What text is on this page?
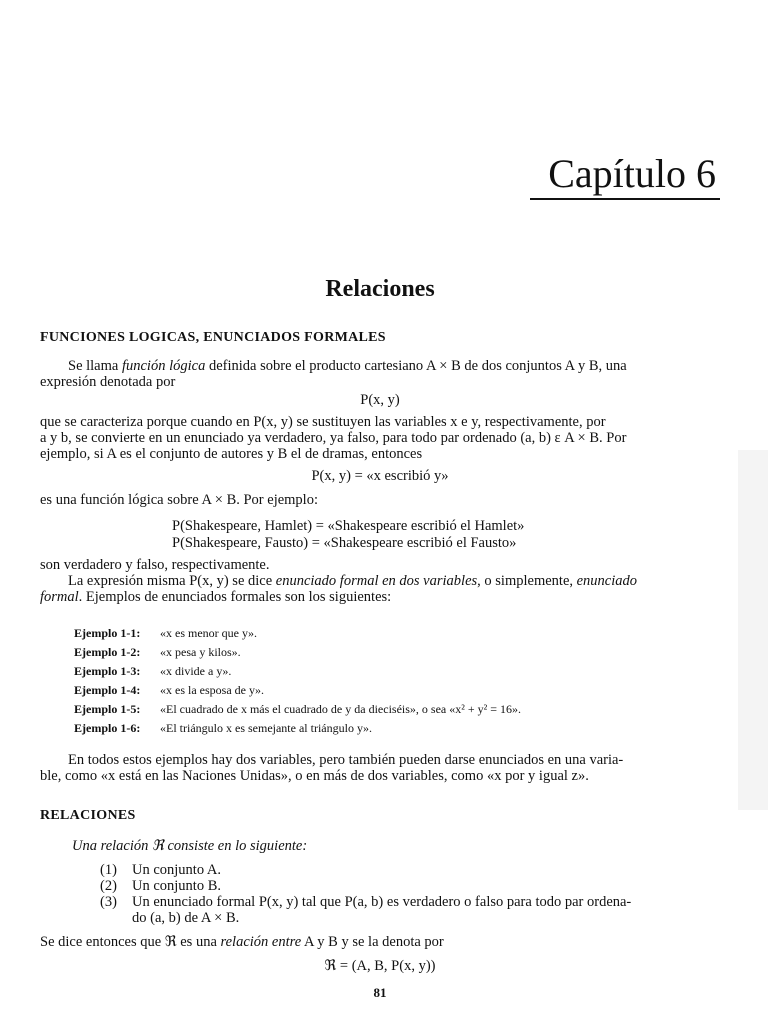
Capítulo 6
Relaciones
FUNCIONES LOGICAS, ENUNCIADOS FORMALES
Se llama función lógica definida sobre el producto cartesiano A × B de dos conjuntos A y B, una
expresión denotada por
P(x, y)
que se caracteriza porque cuando en P(x, y) se sustituyen las variables x e y, respectivamente, por
a y b, se convierte en un enunciado ya verdadero, ya falso, para todo par ordenado (a, b) ε A × B. Por
ejemplo, si A es el conjunto de autores y B el de dramas, entonces
P(x, y) = «x escribió y»
es una función lógica sobre A × B. Por ejemplo:
P(Shakespeare, Hamlet) = «Shakespeare escribió el Hamlet»
P(Shakespeare, Fausto) = «Shakespeare escribió el Fausto»
son verdadero y falso, respectivamente.
La expresión misma P(x, y) se dice enunciado formal en dos variables, o simplemente, enunciado
formal. Ejemplos de enunciados formales son los siguientes:
Ejemplo 1-1: «x es menor que y».
Ejemplo 1-2: «x pesa y kilos».
Ejemplo 1-3: «x divide a y».
Ejemplo 1-4: «x es la esposa de y».
Ejemplo 1-5: «El cuadrado de x más el cuadrado de y da dieciséis», o sea «x² + y² = 16».
Ejemplo 1-6: «El triángulo x es semejante al triángulo y».
En todos estos ejemplos hay dos variables, pero también pueden darse enunciados en una varia-
ble, como «x está en las Naciones Unidas», o en más de dos variables, como «x por y igual z».
RELACIONES
Una relación ℜ consiste en lo siguiente:
(1) Un conjunto A.
(2) Un conjunto B.
(3) Un enunciado formal P(x, y) tal que P(a, b) es verdadero o falso para todo par ordena-
do (a, b) de A × B.
Se dice entonces que ℜ es una relación entre A y B y se la denota por
ℜ = (A, B, P(x, y))
81
